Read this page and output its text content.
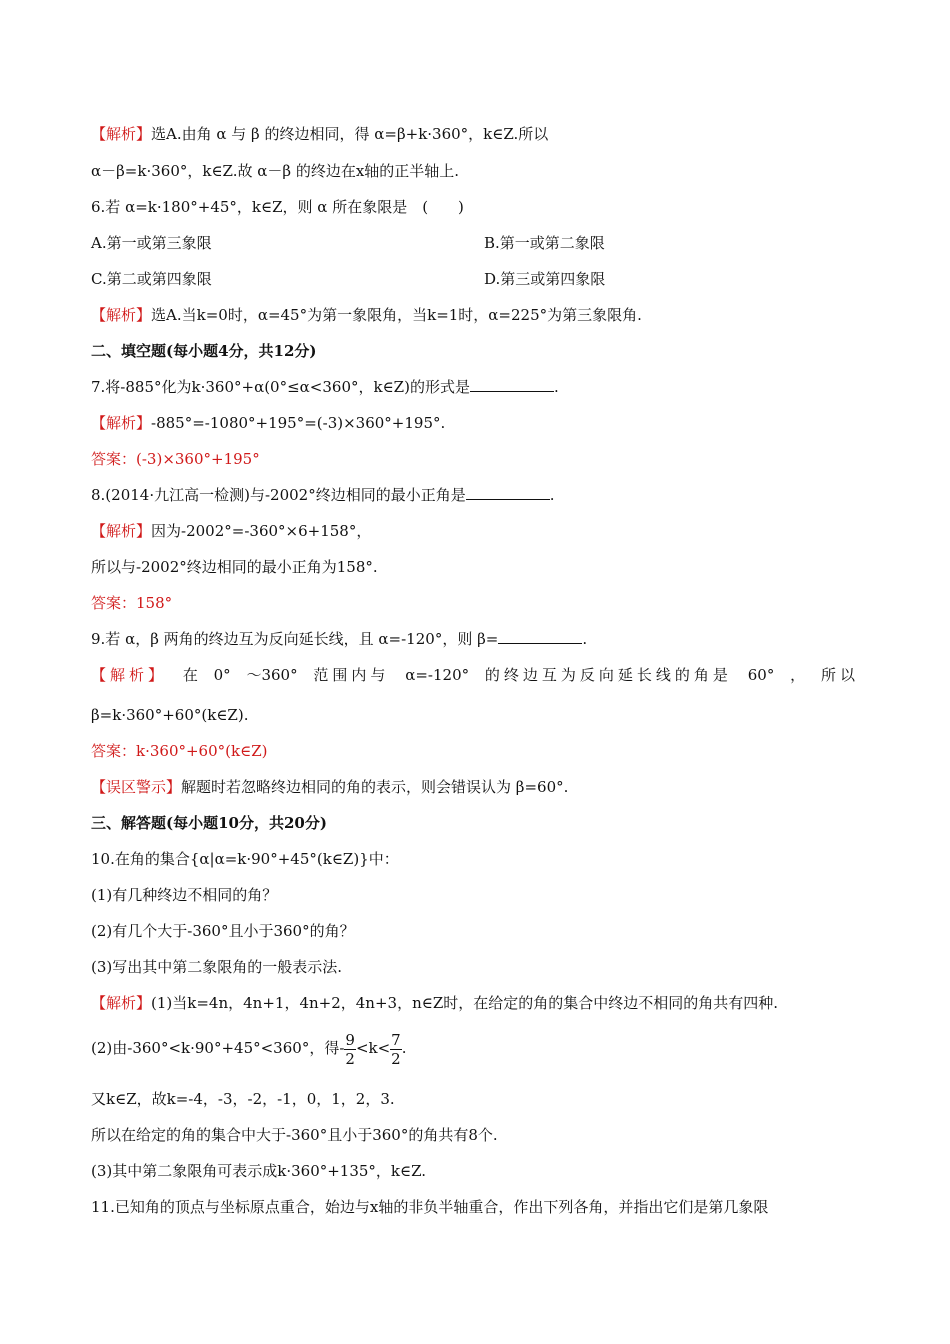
【解析】选A.由角 α 与 β 的终边相同，得 α=β+k·360°，k∈Z.所以
α－β=k·360°，k∈Z.故 α－β 的终边在x轴的正半轴上.
6.若 α=k·180°+45°，k∈Z，则 α 所在象限是　(　　)
A.第一或第三象限	B.第一或第二象限
C.第二或第四象限	D.第三或第四象限
【解析】选A.当k=0时，α=45°为第一象限角，当k=1时，α=225°为第三象限角.
二、填空题(每小题4分，共12分)
7.将-885°化为k·360°+α(0°≤α<360°，k∈Z)的形式是	.
【解析】-885°=-1080°+195°=(-3)×360°+195°.
答案：(-3)×360°+195°
8.(2014·九江高一检测)与-2002°终边相同的最小正角是	.
【解析】因为-2002°=-360°×6+158°，
所以与-2002°终边相同的最小正角为158°.
答案：158°
9.若 α，β 两角的终边互为反向延长线，且 α=-120°，则 β=	.
【解析】 在 0° ～360° 范围内与 α=-120° 的终边互为反向延长线的角是 60° ， 所以
β=k·360°+60°(k∈Z).
答案：k·360°+60°(k∈Z)
【误区警示】解题时若忽略终边相同的角的表示，则会错误认为 β=60°.
三、解答题(每小题10分，共20分)
10.在角的集合{α|α=k·90°+45°(k∈Z)}中：
(1)有几种终边不相同的角？
(2)有几个大于-360°且小于360°的角？
(3)写出其中第二象限角的一般表示法.
【解析】(1)当k=4n，4n+1，4n+2，4n+3，n∈Z时，在给定的角的集合中终边不相同的角共有四种.
(2)由-360°<k·90°+45°<360°，得- $\frac{9}{2} <k< \frac{7}{2}$ .
又k∈Z，故k=-4，-3，-2，-1，0，1，2，3.
所以在给定的角的集合中大于-360°且小于360°的角共有8个.
(3)其中第二象限角可表示成k·360°+135°，k∈Z.
11.已知角的顶点与坐标原点重合，始边与x轴的非负半轴重合，作出下列各角，并指出它们是第几象限
